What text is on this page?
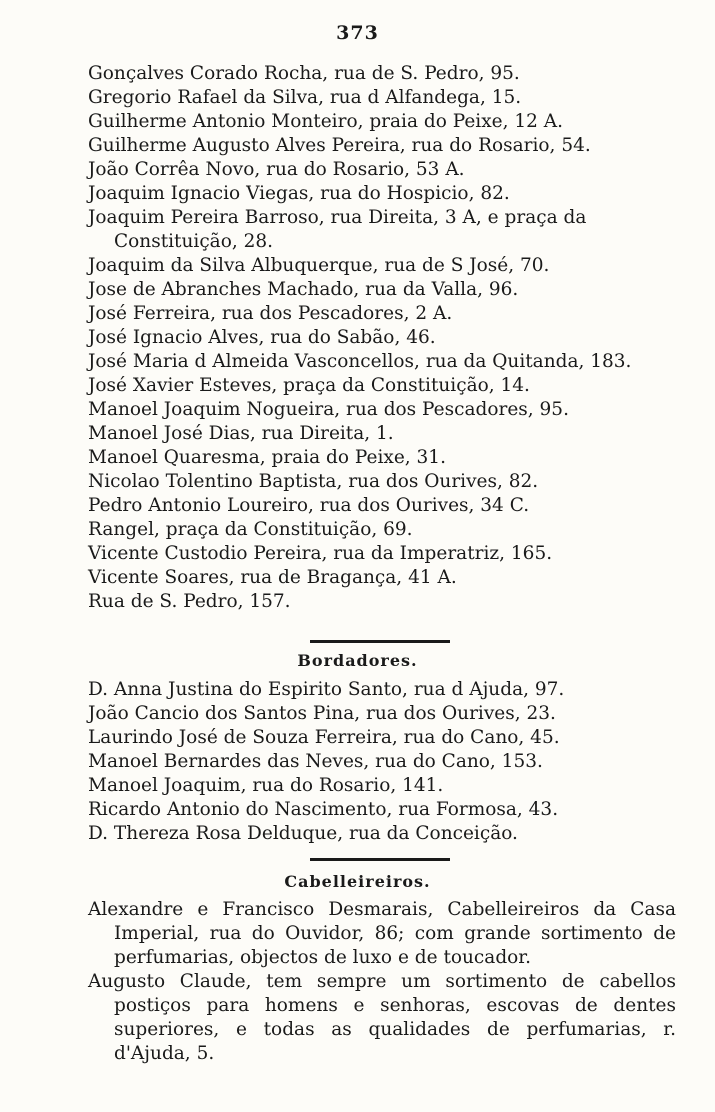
373
Gonçalves Corado Rocha, rua de S. Pedro, 95.
Gregorio Rafael da Silva, rua d Alfandega, 15.
Guilherme Antonio Monteiro, praia do Peixe, 12 A.
Guilherme Augusto Alves Pereira, rua do Rosario, 54.
João Corrêa Novo, rua do Rosario, 53 A.
Joaquim Ignacio Viegas, rua do Hospicio, 82.
Joaquim Pereira Barroso, rua Direita, 3 A, e praça da Constituição, 28.
Joaquim da Silva Albuquerque, rua de S José, 70.
Jose de Abranches Machado, rua da Valla, 96.
José Ferreira, rua dos Pescadores, 2 A.
José Ignacio Alves, rua do Sabão, 46.
José Maria d Almeida Vasconcellos, rua da Quitanda, 183.
José Xavier Esteves, praça da Constituição, 14.
Manoel Joaquim Nogueira, rua dos Pescadores, 95.
Manoel José Dias, rua Direita, 1.
Manoel Quaresma, praia do Peixe, 31.
Nicolao Tolentino Baptista, rua dos Ourives, 82.
Pedro Antonio Loureiro, rua dos Ourives, 34 C.
Rangel, praça da Constituição, 69.
Vicente Custodio Pereira, rua da Imperatriz, 165.
Vicente Soares, rua de Bragança, 41 A.
Rua de S. Pedro, 157.
Bordadores.
D. Anna Justina do Espirito Santo, rua d Ajuda, 97.
João Cancio dos Santos Pina, rua dos Ourives, 23.
Laurindo José de Souza Ferreira, rua do Cano, 45.
Manoel Bernardes das Neves, rua do Cano, 153.
Manoel Joaquim, rua do Rosario, 141.
Ricardo Antonio do Nascimento, rua Formosa, 43.
D. Thereza Rosa Delduque, rua da Conceição.
Cabelleireiros.

Alexandre e Francisco Desmarais, Cabelleireiros da Casa Imperial, rua do Ouvidor, 86; com grande sortimento de perfumarias, objectos de luxo e de toucador.

Augusto Claude, tem sempre um sortimento de cabellos postiços para homens e senhoras, escovas de dentes superiores, e todas as qualidades de perfumarias, r. d'Ajuda, 5.
